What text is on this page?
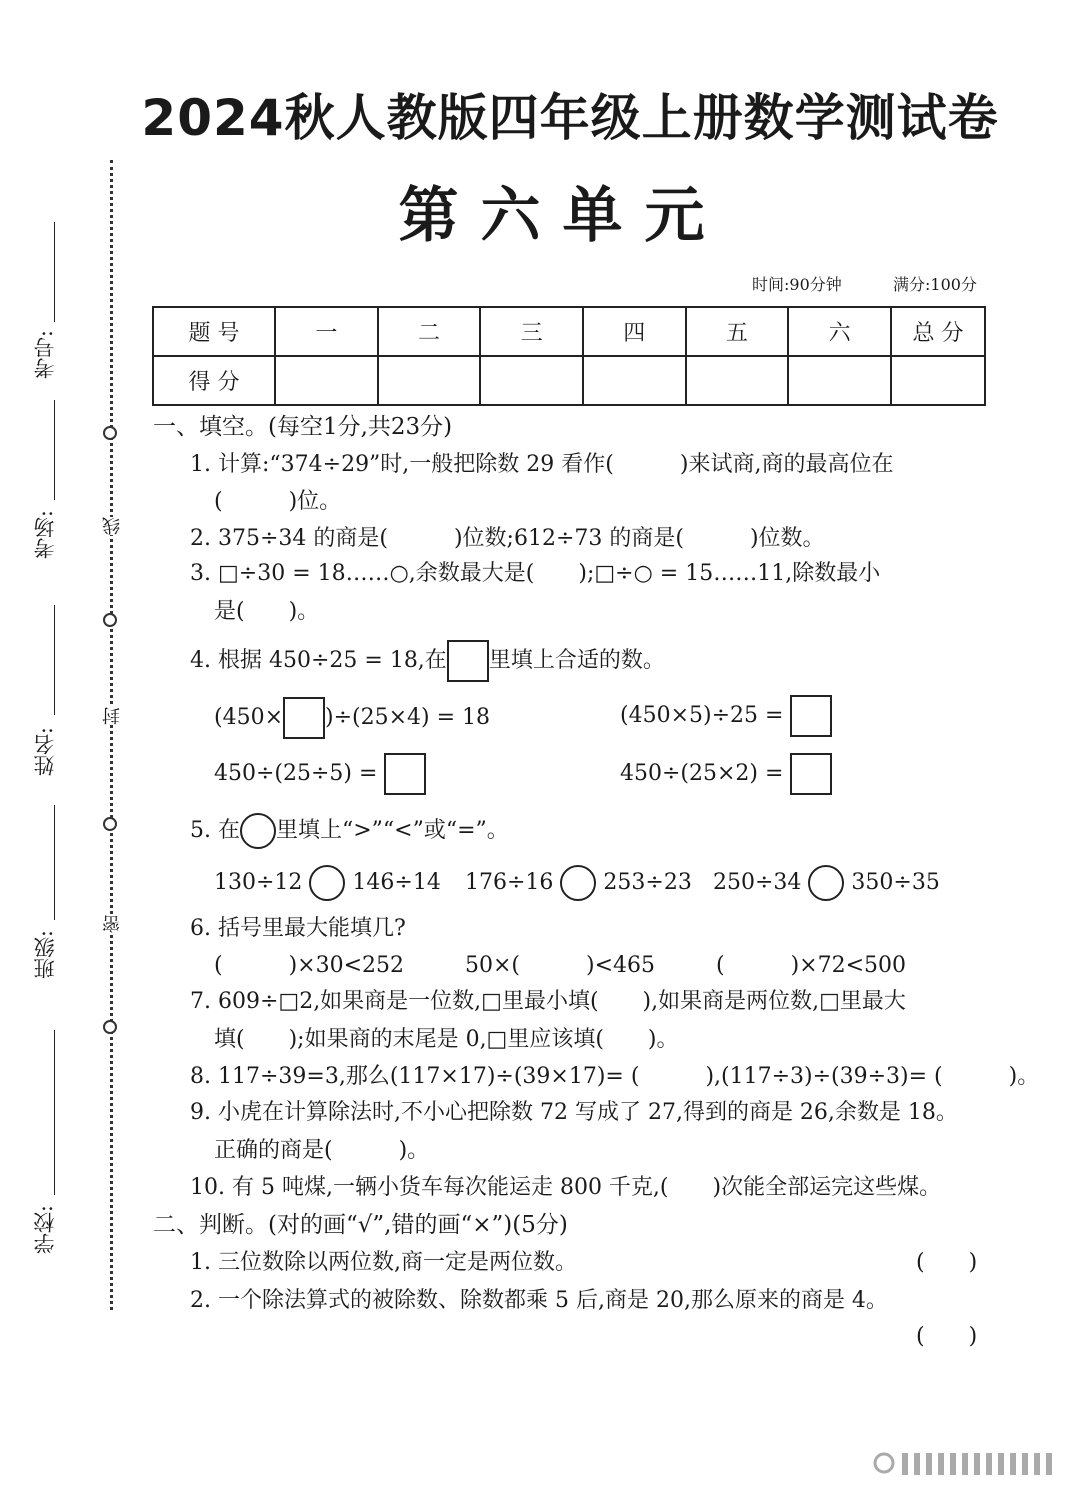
2024秋人教版四年级上册数学测试卷
第六单元
时间:90分钟	满分:100分
题 号	一	二	三	四	五	六	总 分
得 分							
线
封
密
考号:
考场:
姓名:
班级:
学校:
一、填空。(每空1分,共23分)
1. 计算:“374÷29”时,一般把除数 29 看作(　　　)来试商,商的最高位在
(　　　)位。
2. 375÷34 的商是(　　　)位数;612÷73 的商是(　　　)位数。
3. □÷30 = 18……○,余数最大是(　　);□÷○ = 15……11,除数最小
是(　　)。
4. 根据 450÷25 = 18,在 里填上合适的数。
(450× )÷(25×4) = 18	(450×5)÷25 =
450÷(25÷5) =	450÷(25×2) =
5. 在 里填上“>”“<”或“=”。
130÷12 146÷14 176÷16 253÷23 250÷34 350÷35
6. 括号里最大能填几?
(　　　)×30<252	50×(　　　)<465	(　　　)×72<500
7. 609÷□2,如果商是一位数,□里最小填(　　),如果商是两位数,□里最大
填(　　);如果商的末尾是 0,□里应该填(　　)。
8. 117÷39=3,那么(117×17)÷(39×17)= (　　　),(117÷3)÷(39÷3)= (　　　)。
9. 小虎在计算除法时,不小心把除数 72 写成了 27,得到的商是 26,余数是 18。
正确的商是(　　　)。
10. 有 5 吨煤,一辆小货车每次能运走 800 千克,(　　)次能全部运完这些煤。
二、判断。(对的画“√”,错的画“×”)(5分)
1. 三位数除以两位数,商一定是两位数。	(　　)
2. 一个除法算式的被除数、除数都乘 5 后,商是 20,那么原来的商是 4。
(　　)
